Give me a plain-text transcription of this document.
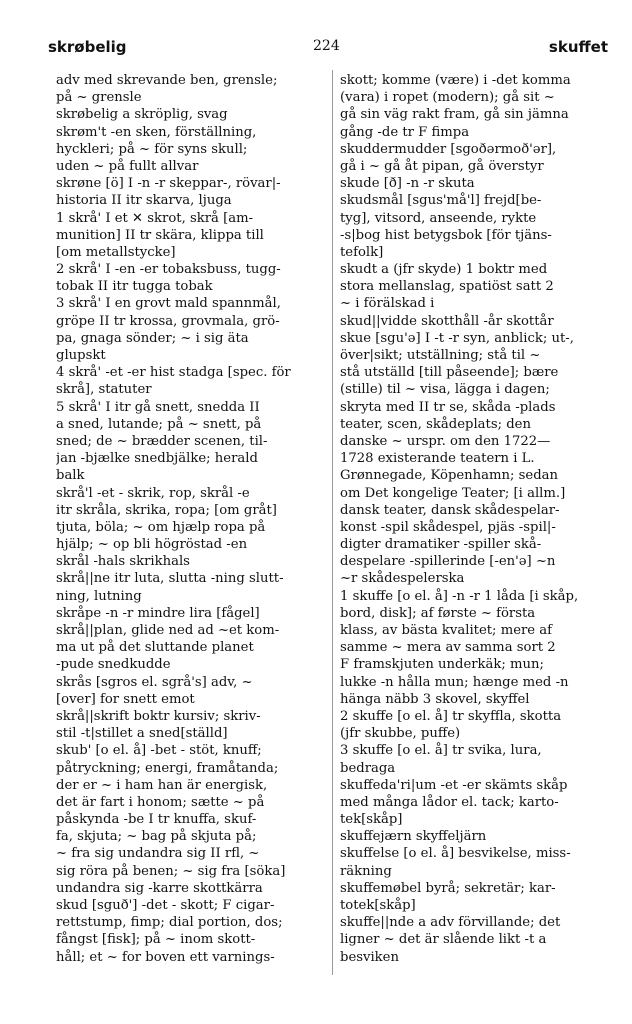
skrøbelig	224	skuffet
adv med skrevande ben, grensle;
på ~ grensle
skrøbelig a skröplig, svag
skrøm't -en sken, förställning,
hyckleri; på ~ för syns skull;
uden ~ på fullt allvar
skrøne [ö] I -n -r skeppar-, rövar|-
historia II itr skarva, ljuga
1 skrå' I et ✕ skrot, skrå [am-
munition] II tr skära, klippa till
[om metallstycke]
2 skrå' I -en -er tobaksbuss, tugg-
tobak II itr tugga tobak
3 skrå' I en grovt mald spannmål,
gröpe II tr krossa, grovmala, grö-
pa, gnaga sönder; ~ i sig äta
glupskt
4 skrå' -et -er hist stadga [spec. för
skrå], statuter
5 skrå' I itr gå snett, snedda II
a sned, lutande; på ~ snett, på
sned; de ~ brædder scenen, til-
jan -bjælke snedbjälke; herald
balk
skrå'l -et - skrik, rop, skrål -e
itr skråla, skrika, ropa; [om gråt]
tjuta, böla; ~ om hjælp ropa på
hjälp; ~ op bli högröstad -en
skrål -hals skrikhals
skrå||ne itr luta, slutta -ning slutt-
ning, lutning
skråpe -n -r mindre lira [fågel]
skrå||plan, glide ned ad ~et kom-
ma ut på det sluttande planet
-pude snedkudde
skrås [sgros el. sgrå's] adv, ~
[over] for snett emot
skrå||skrift boktr kursiv; skriv-
stil -t|stillet a sned[ställd]
skub' [o el. å] -bet - stöt, knuff;
påtryckning; energi, framåtanda;
der er ~ i ham han är energisk,
det är fart i honom; sætte ~ på
påskynda -be I tr knuffa, skuf-
fa, skjuta; ~ bag på skjuta på;
~ fra sig undandra sig II rfl, ~
sig röra på benen; ~ sig fra [söka]
undandra sig -karre skottkärra
skud [sguð'] -det - skott; F cigar-
rettstump, fimp; dial portion, dos;
fångst [fisk]; på ~ inom skott-
håll; et ~ for boven ett varnings-
skott; komme (være) i -det komma
(vara) i ropet (modern); gå sit ~
gå sin väg rakt fram, gå sin jämna
gång -de tr F fimpa
skuddermudder [sgoðərmoð'ər],
gå i ~ gå åt pipan, gå överstyr
skude [ð] -n -r skuta
skudsmål [sgus'må'l] frejd[be-
tyg], vitsord, anseende, rykte
-s|bog hist betygsbok [för tjäns-
tefolk]
skudt a (jfr skyde) 1 boktr med
stora mellanslag, spatiöst satt 2
~ i förälskad i
skud||vidde skotthåll -år skottår
skue [sgu'ə] I -t -r syn, anblick; ut-,
över|sikt; utställning; stå til ~
stå utställd [till påseende]; bære
(stille) til ~ visa, lägga i dagen;
skryta med II tr se, skåda -plads
teater, scen, skådeplats; den
danske ~ urspr. om den 1722—
1728 existerande teatern i L.
Grønnegade, Köpenhamn; sedan
om Det kongelige Teater; [i allm.]
dansk teater, dansk skådespelar-
konst -spil skådespel, pjäs -spil|-
digter dramatiker -spiller skå-
despelare -spillerinde [-en'ə] ~n
~r skådespelerska
1 skuffe [o el. å] -n -r 1 låda [i skåp,
bord, disk]; af første ~ första
klass, av bästa kvalitet; mere af
samme ~ mera av samma sort 2
F framskjuten underkäk; mun;
lukke -n hålla mun; hænge med -n
hänga näbb 3 skovel, skyffel
2 skuffe [o el. å] tr skyffla, skotta
(jfr skubbe, puffe)
3 skuffe [o el. å] tr svika, lura,
bedraga
skuffeda'ri|um -et -er skämts skåp
med många lådor el. tack; karto-
tek[skåp]
skuffejærn skyffeljärn
skuffelse [o el. å] besvikelse, miss-
räkning
skuffemøbel byrå; sekretär; kar-
totek[skåp]
skuffe||nde a adv förvillande; det
ligner ~ det är slående likt -t a
besviken
